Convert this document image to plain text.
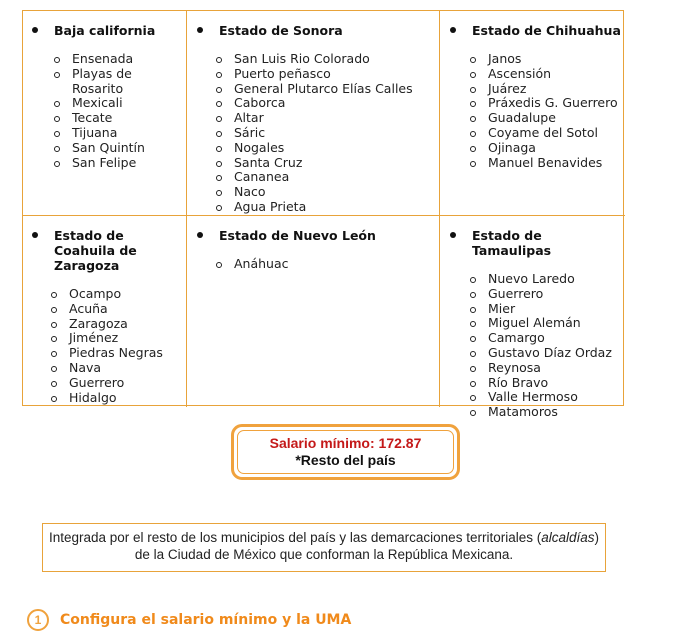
Baja california
Ensenada
Playas de
Rosarito
Mexicali
Tecate
Tijuana
San Quintín
San Felipe
Estado de Sonora
San Luis Rio Colorado
Puerto peñasco
General Plutarco Elías Calles
Caborca
Altar
Sáric
Nogales
Santa Cruz
Cananea
Naco
Agua Prieta
Estado de Chihuahua
Janos
Ascensión
Juárez
Práxedis G. Guerrero
Guadalupe
Coyame del Sotol
Ojinaga
Manuel Benavides
Estado de Coahuila de Zaragoza
Ocampo
Acuña
Zaragoza
Jiménez
Piedras Negras
Nava
Guerrero
Hidalgo
Estado de Nuevo León
Anáhuac
Estado de Tamaulipas
Nuevo Laredo
Guerrero
Mier
Miguel Alemán
Camargo
Gustavo Díaz Ordaz
Reynosa
Río Bravo
Valle Hermoso
Matamoros
Salario mínimo: 172.87
*Resto del país
Integrada por el resto de los municipios del país y las demarcaciones territoriales (alcaldías) de la Ciudad de México que conforman la República Mexicana.
1	Configura el salario mínimo y la UMA
